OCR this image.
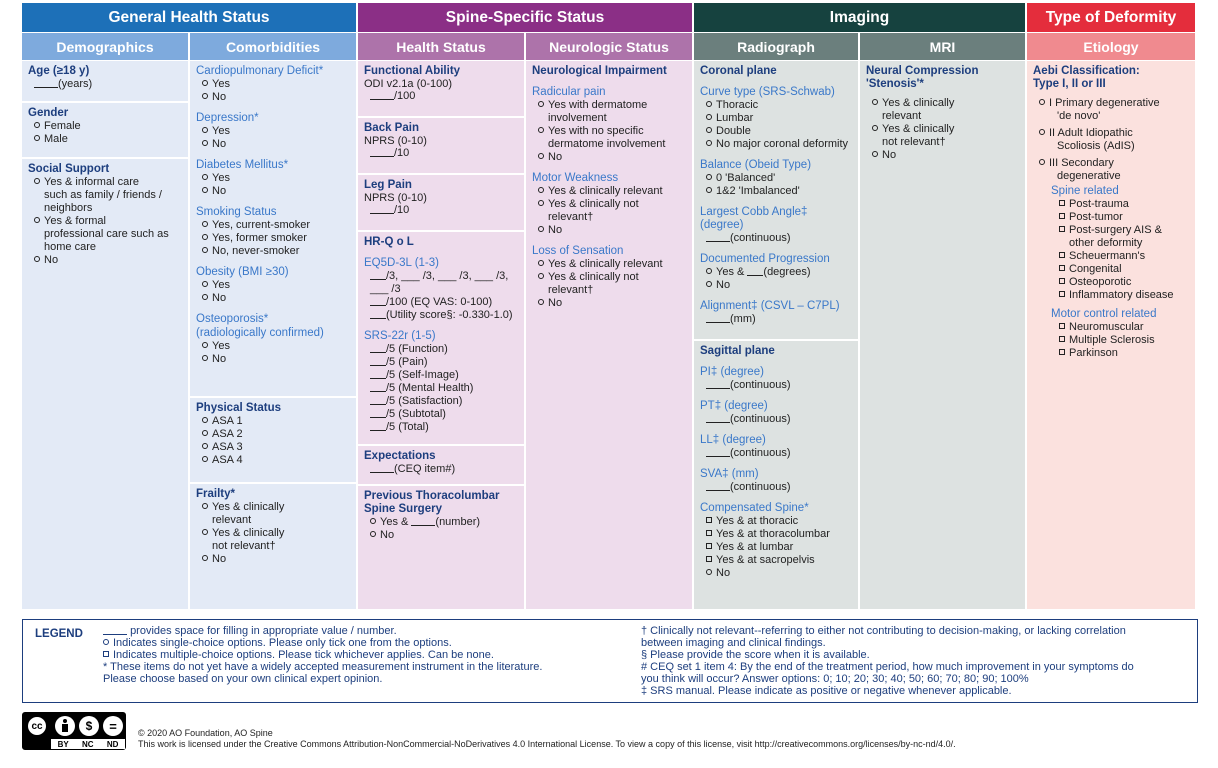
General Health Status	Spine-Specific Status	Imaging	Type of Deformity
Demographics	Comorbidities	Health Status	Neurologic Status	Radiograph	MRI	Etiology
Age (≥18 y)
(years)
Gender
Female
Male
Social Support
Yes & informal care
such as family / friends /
neighbors
Yes & formal
professional care such as
home care
No
Cardiopulmonary Deficit*
Yes
No
Depression*
Yes
No
Diabetes Mellitus*
Yes
No
Smoking Status
Yes, current-smoker
Yes, former smoker
No, never-smoker
Obesity (BMI ≥30)
Yes
No
Osteoporosis*
(radiologically confirmed)
Yes
No
Physical Status
ASA 1
ASA 2
ASA 3
ASA 4
Frailty*
Yes & clinically
relevant
Yes & clinically
not relevant†
No
Functional Ability
ODI v2.1a (0-100)
/100
Back Pain
NPRS (0-10)
/10
Leg Pain
NPRS (0-10)
/10
HR-Q o L
EQ5D-3L (1-3)
/3, ___ /3, ___ /3, ___ /3, ___ /3
/100 (EQ VAS: 0-100)
(Utility score§: -0.330-1.0)
SRS-22r (1-5)
/5 (Function)
/5 (Pain)
/5 (Self-Image)
/5 (Mental Health)
/5 (Satisfaction)
/5 (Subtotal)
/5 (Total)
Expectations
(CEQ item#)
Previous Thoracolumbar Spine Surgery
Yes & (number)
No
Neurological Impairment
Radicular pain
Yes with dermatome
involvement
Yes with no specific
dermatome involvement
No
Motor Weakness
Yes & clinically relevant
Yes & clinically not
relevant†
No
Loss of Sensation
Yes & clinically relevant
Yes & clinically not
relevant†
No
Coronal plane
Curve type (SRS-Schwab)
Thoracic
Lumbar
Double
No major coronal deformity
Balance (Obeid Type)
0 'Balanced'
1&2 'Imbalanced'
Largest Cobb Angle‡ (degree)
(continuous)
Documented Progression
Yes & (degrees)
No
Alignment‡ (CSVL – C7PL)
(mm)
Sagittal plane
PI‡ (degree)
(continuous)
PT‡ (degree)
(continuous)
LL‡ (degree)
(continuous)
SVA‡ (mm)
(continuous)
Compensated Spine*
Yes & at thoracic
Yes & at thoracolumbar
Yes & at lumbar
Yes & at sacropelvis
No
Neural Compression
'Stenosis'*
Yes & clinically
relevant
Yes & clinically
not relevant†
No
Aebi Classification:
Type I, II or III
I Primary degenerative
'de novo'
II Adult Idiopathic
Scoliosis (AdIS)
III Secondary
degenerative
Spine related
Post-trauma
Post-tumor
Post-surgery AIS &
other deformity
Scheuermann's
Congenital
Osteoporotic
Inflammatory disease
Motor control related
Neuromuscular
Multiple Sclerosis
Parkinson
LEGEND	provides space for filling in appropriate value / number.
Indicates single-choice options. Please only tick one from the options.
Indicates multiple-choice options. Please tick whichever applies. Can be none.
* These items do not yet have a widely accepted measurement instrument in the literature.
Please choose based on your own clinical expert opinion.
† Clinically not relevant--referring to either not contributing to decision-making, or lacking correlation
between imaging and clinical findings.
§ Please provide the score when it is available.
# CEQ set 1 item 4: By the end of the treatment period, how much improvement in your symptoms do
you think will occur? Answer options: 0; 10; 20; 30; 40; 50; 60; 70; 80; 90; 100%
‡ SRS manual. Please indicate as positive or negative whenever applicable.
cc	$	=
BY NC ND
© 2020 AO Foundation, AO Spine
This work is licensed under the Creative Commons Attribution-NonCommercial-NoDerivatives 4.0 International License. To view a copy of this license, visit http://creativecommons.org/licenses/by-nc-nd/4.0/.
